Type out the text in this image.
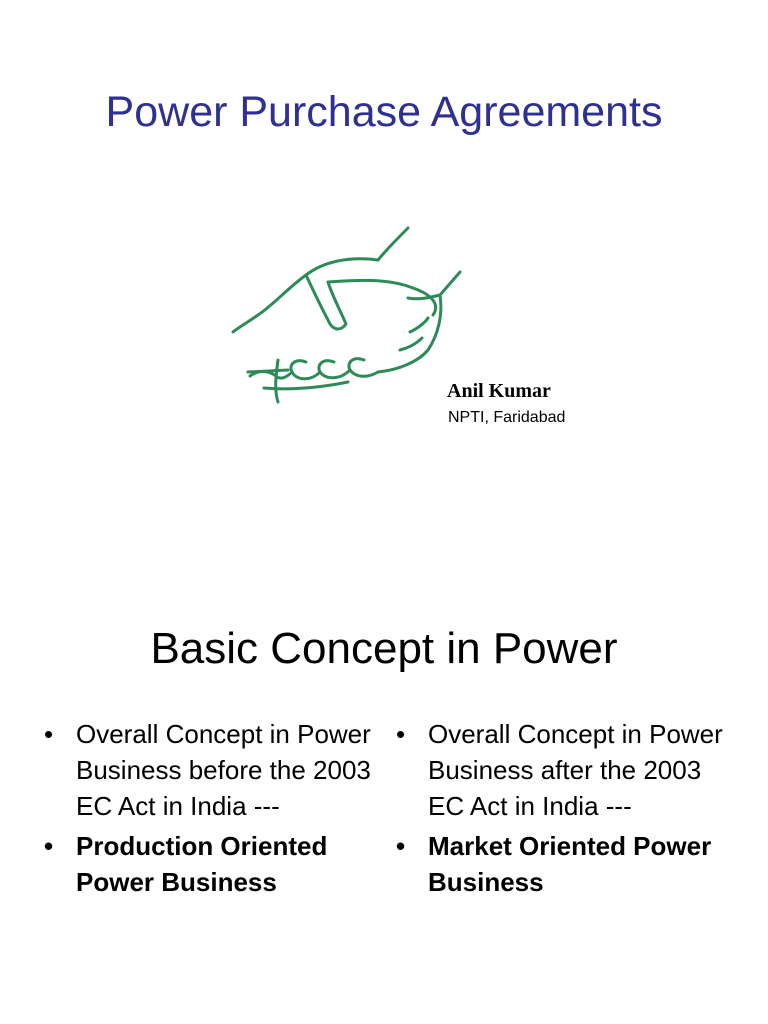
Power Purchase Agreements
Anil Kumar
NPTI, Faridabad
Basic Concept in Power
• Overall Concept in Power Business before the 2003 EC Act in India ---
• Production Oriented Power Business
• Overall Concept in Power Business after the 2003 EC Act in India ---
• Market Oriented Power Business
